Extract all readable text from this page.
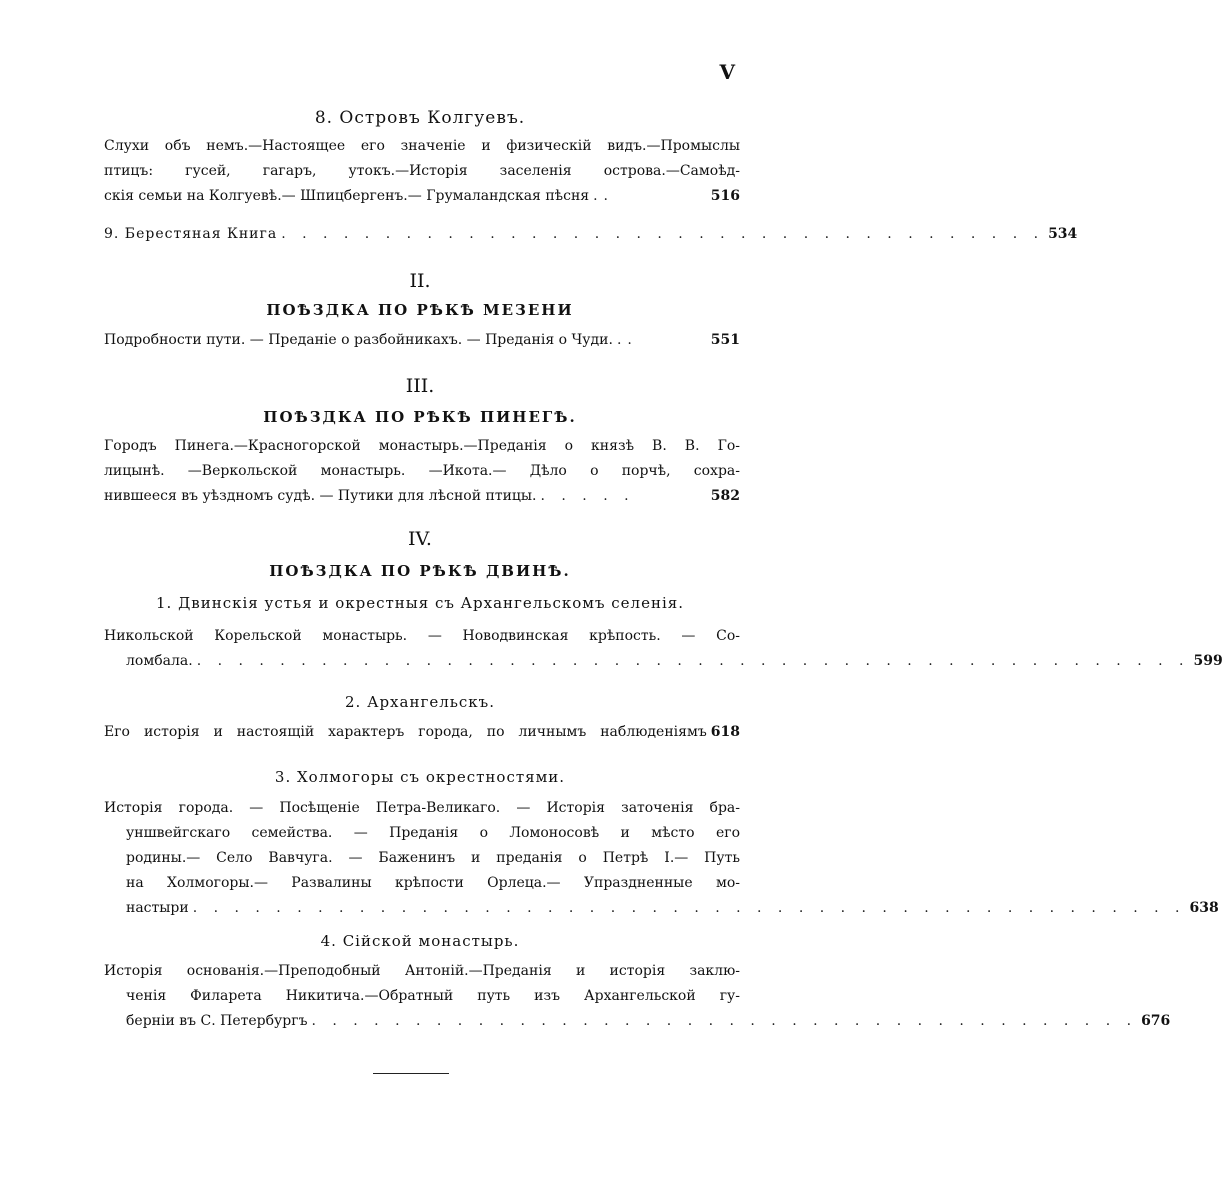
V
8. Островъ Колгуевъ.
Слухи объ немъ.—Настоящее его значеніе и физическій видъ.—Промыслы
птицъ: гусей, гагаръ, утокъ.—Исторія заселенія острова.—Самоѣд-
скія семьи на Колгуевѣ.— Шпицбергенъ.— Грумаландская пѣсня ..	516
9. Берестяная Книга . . . . . . . . . . . . . . . . . . . . . . . . . . . . . . . . . . . . . 534
II.
ПОѢЗДКА ПО РѢКѢ МЕЗЕНИ
Подробности пути. — Преданіе о разбойникахъ. — Преданія о Чуди. ..	551
III.
ПОѢЗДКА ПО РѢКѢ ПИНЕГѢ.
Городъ Пинега.—Красногорской монастырь.—Преданія о князѣ В. В. Го-
лицынѣ. —Веркольской монастырь. —Икота.— Дѣло о порчѣ, сохра-
нившееся въ уѣздномъ судѣ. — Путики для лѣсной птицы. . . . . .	582
IV.
ПОѢЗДКА ПО РѢКѢ ДВИНѢ.
1. Двинскія устья и окрестныя съ Архангельскомъ селенія.
Никольской Корельской монастырь. — Новодвинская крѣпость. — Со-
ломбала. . . . . . . . . . . . . . . . . . . . . . . . . . . . . . . . . . . . . . . . . . . . . . . . . 599
2. Архангельскъ.
Его исторія и настоящій характеръ города, по личнымъ наблюденіямъ 618
3. Холмогоры съ окрестностями.
Исторія города. — Посѣщеніе Петра-Великаго. — Исторія заточенія бра-
уншвейгскаго семейства. — Преданія о Ломоносовѣ и мѣсто его
родины.— Село Вавчуга. — Баженинъ и преданія о Петрѣ I.— Путь
на Холмогоры.— Развалины крѣпости Орлеца.— Упраздненные мо-
настыри . . . . . . . . . . . . . . . . . . . . . . . . . . . . . . . . . . . . . . . . . . . . . . . . 638
4. Сійской монастырь.
Исторія основанія.—Преподобный Антоній.—Преданія и исторія заклю-
ченія Филарета Никитича.—Обратный путь изъ Архангельской гу-
берніи въ С. Петербургъ . . . . . . . . . . . . . . . . . . . . . . . . . . . . . . . . . . . . . . . . 676
